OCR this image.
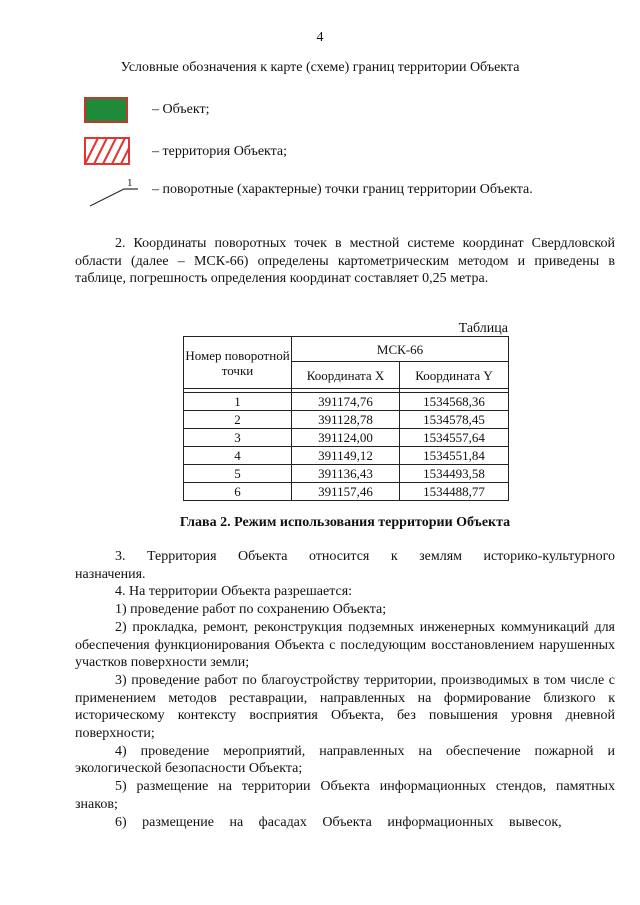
4
Условные обозначения к карте (схеме) границ территории Объекта
– Объект;
– территория Объекта;
1 – поворотные (характерные) точки границ территории Объекта.
2. Координаты поворотных точек в местной системе координат Свердловской области (далее – МСК-66) определены картометрическим методом и приведены в таблице, погрешность определения координат составляет 0,25 метра.
Таблица
Номер поворотной точки	МСК-66	
	Координата X	Координата Y

1	391174,76	1534568,36
2	391128,78	1534578,45
3	391124,00	1534557,64
4	391149,12	1534551,84
5	391136,43	1534493,58
6	391157,46	1534488,77
Глава 2. Режим использования территории Объекта

3. Территория Объекта относится к землям историко-культурного назначения.

4. На территории Объекта разрешается:

1) проведение работ по сохранению Объекта;

2) прокладка, ремонт, реконструкция подземных инженерных коммуникаций для обеспечения функционирования Объекта с последующим восстановлением нарушенных участков поверхности земли;

3) проведение работ по благоустройству территории, производимых в том числе с применением методов реставрации, направленных на формирование близкого к историческому контексту восприятия Объекта, без повышения уровня дневной поверхности;

4) проведение мероприятий, направленных на обеспечение пожарной и экологической безопасности Объекта;

5) размещение на территории Объекта информационных стендов, памятных знаков;

6) размещение на фасадах Объекта информационных вывесок,
